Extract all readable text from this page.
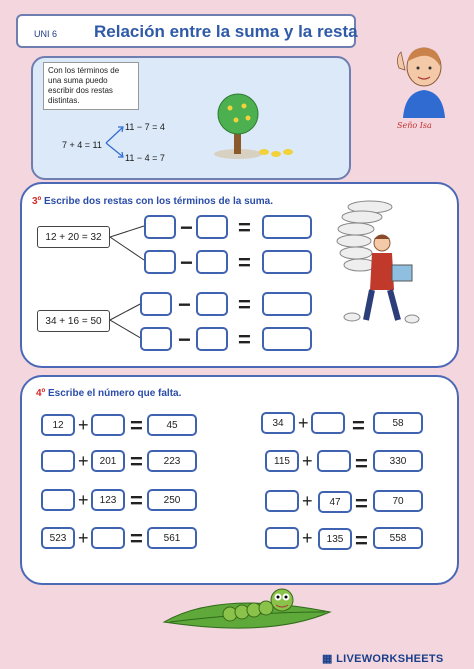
UNI 6 Relación entre la suma y la resta
Seño Isa
Con los términos de una suma puedo escribir dos restas distintas.
7 + 4 = 11
11 − 7 = 4
11 − 4 = 7
3º Escribe dos restas con los términos de la suma.
12 + 20 = 32	− =
− =
34 + 16 = 50
− =
− =
4º Escribe el número que falta.
12 + =	45
+	201 =	223
+	123 =	250
523 + =	561
34 + =	58
115 + =	330
+	47 =	70
+	135 =	558
▦ LIVEWORKSHEETS
